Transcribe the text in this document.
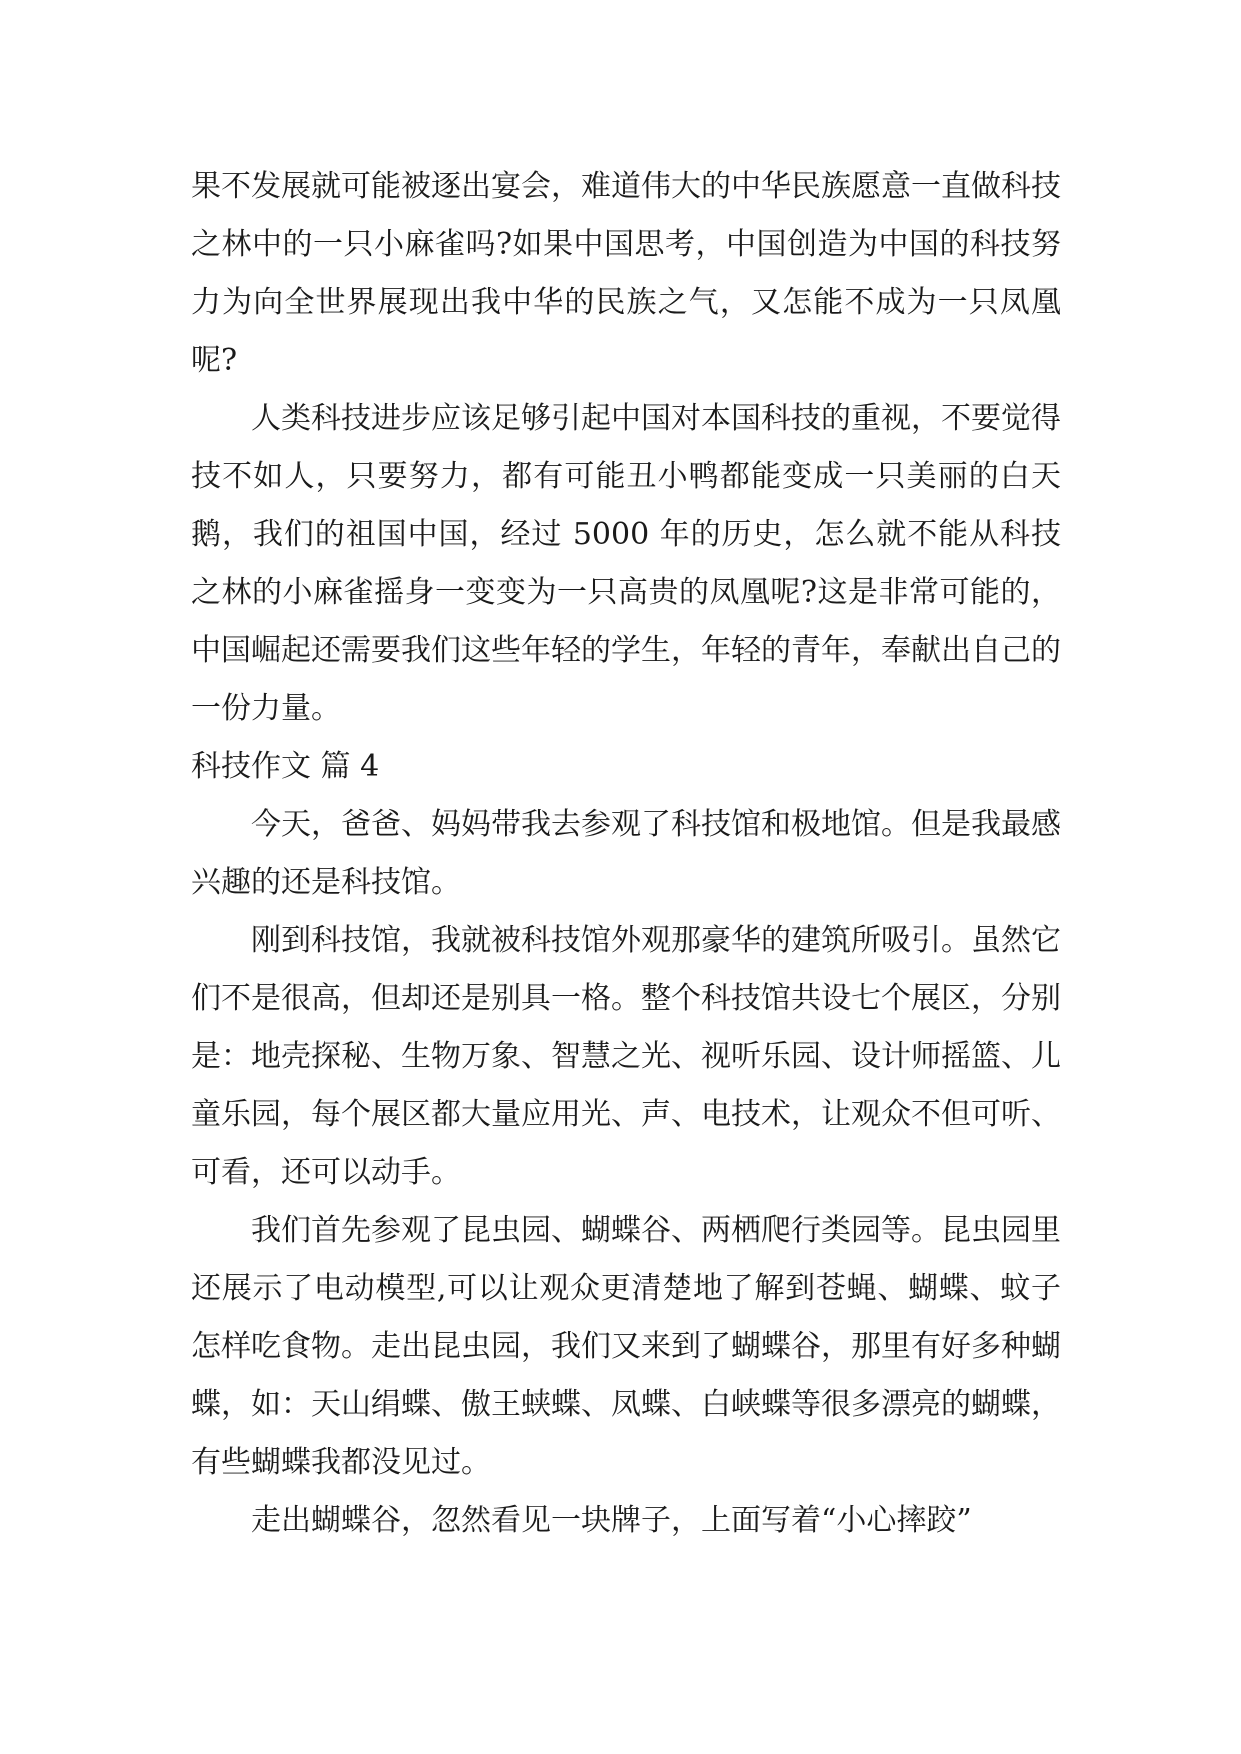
果不发展就可能被逐出宴会，难道伟大的中华民族愿意一直做科技之林中的一只小麻雀吗?如果中国思考，中国创造为中国的科技努力为向全世界展现出我中华的民族之气，又怎能不成为一只凤凰呢?

人类科技进步应该足够引起中国对本国科技的重视，不要觉得技不如人，只要努力，都有可能丑小鸭都能变成一只美丽的白天鹅，我们的祖国中国，经过 5000 年的历史，怎么就不能从科技之林的小麻雀摇身一变变为一只高贵的凤凰呢?这是非常可能的，中国崛起还需要我们这些年轻的学生，年轻的青年，奉献出自己的一份力量。

科技作文 篇 4

今天，爸爸、妈妈带我去参观了科技馆和极地馆。但是我最感兴趣的还是科技馆。

刚到科技馆，我就被科技馆外观那豪华的建筑所吸引。虽然它们不是很高，但却还是别具一格。整个科技馆共设七个展区，分别是：地壳探秘、生物万象、智慧之光、视听乐园、设计师摇篮、儿童乐园，每个展区都大量应用光、声、电技术，让观众不但可听、可看，还可以动手。

我们首先参观了昆虫园、蝴蝶谷、两栖爬行类园等。昆虫园里还展示了电动模型,可以让观众更清楚地了解到苍蝇、蝴蝶、蚊子怎样吃食物。走出昆虫园，我们又来到了蝴蝶谷，那里有好多种蝴蝶，如：天山绢蝶、傲王蛱蝶、凤蝶、白峡蝶等很多漂亮的蝴蝶，有些蝴蝶我都没见过。

走出蝴蝶谷，忽然看见一块牌子，上面写着“小心摔跤”
